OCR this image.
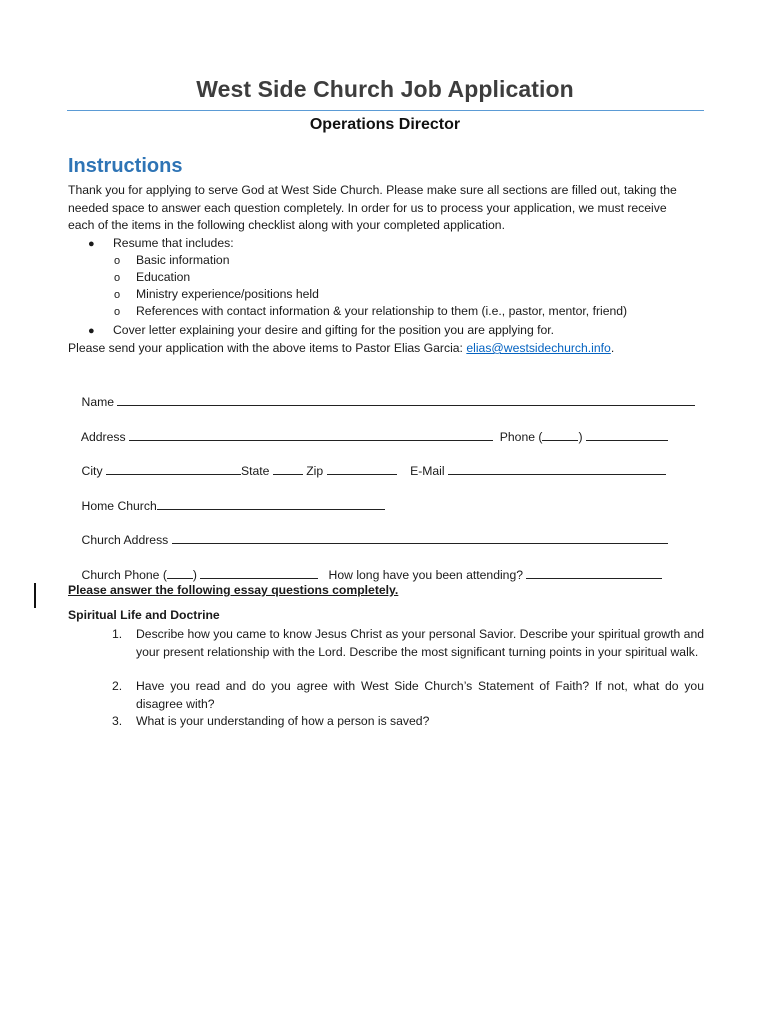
West Side Church Job Application
Operations Director
Instructions

Thank you for applying to serve God at West Side Church. Please make sure all sections are filled out, taking the

needed space to answer each question completely. In order for us to process your application, we must receive

each of the items in the following checklist along with your completed application.

● Resume that includes:
o Basic information
o Education
o Ministry experience/positions held
o References with contact information & your relationship to them (i.e., pastor, mentor, friend)
● Cover letter explaining your desire and gifting for the position you are applying for.
Please send your application with the above items to Pastor Elias Garcia: elias@westsidechurch.info.

Name

Address	Phone (	)

City	State	Zip	E-Mail

Home Church

Church Address

Church Phone ( )	How long have you been attending?

Please answer the following essay questions completely.
Spiritual Life and Doctrine
1.	Describe how you came to know Jesus Christ as your personal Savior. Describe your spiritual growth and your present relationship with the Lord. Describe the most significant turning points in your spiritual walk.
2.	Have you read and do you agree with West Side Church’s Statement of Faith? If not, what do you disagree with?
3.	What is your understanding of how a person is saved?
